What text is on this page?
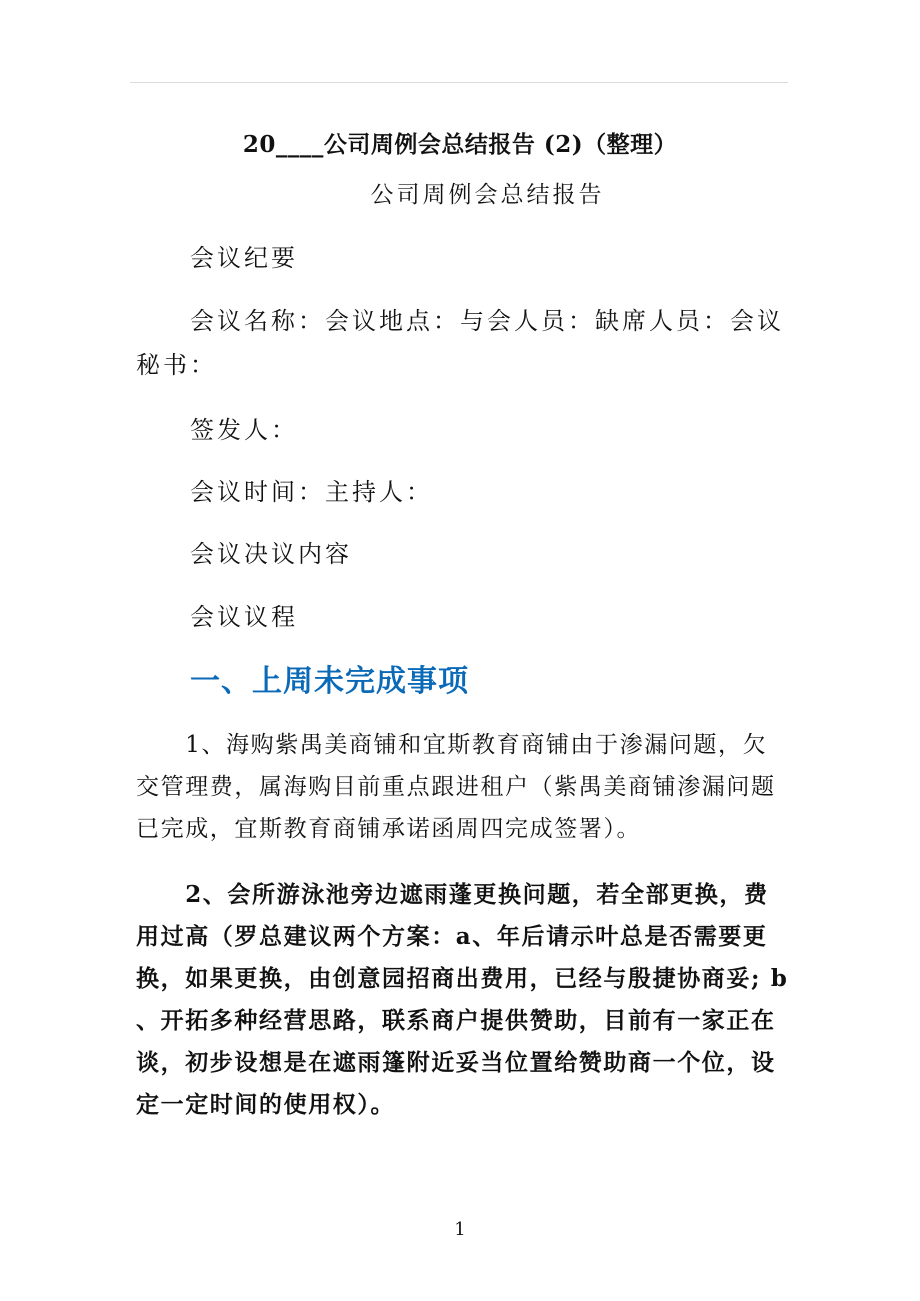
20____公司周例会总结报告 (2)（整理）
公司周例会总结报告
会议纪要
会议名称：会议地点：与会人员：缺席人员：会议
秘书：
签发人：
会议时间：主持人：
会议决议内容
会议议程
一、上周未完成事项
　　1、海购紫禺美商铺和宜斯教育商铺由于渗漏问题，欠
交管理费，属海购目前重点跟进租户（紫禺美商铺渗漏问题
已完成，宜斯教育商铺承诺函周四完成签署）。
　　2、会所游泳池旁边遮雨蓬更换问题，若全部更换，费
用过高（罗总建议两个方案：a、年后请示叶总是否需要更
换，如果更换，由创意园招商出费用，已经与殷捷协商妥; b
、开拓多种经营思路，联系商户提供赞助，目前有一家正在
谈，初步设想是在遮雨篷附近妥当位置给赞助商一个位，设
定一定时间的使用权）。
1
